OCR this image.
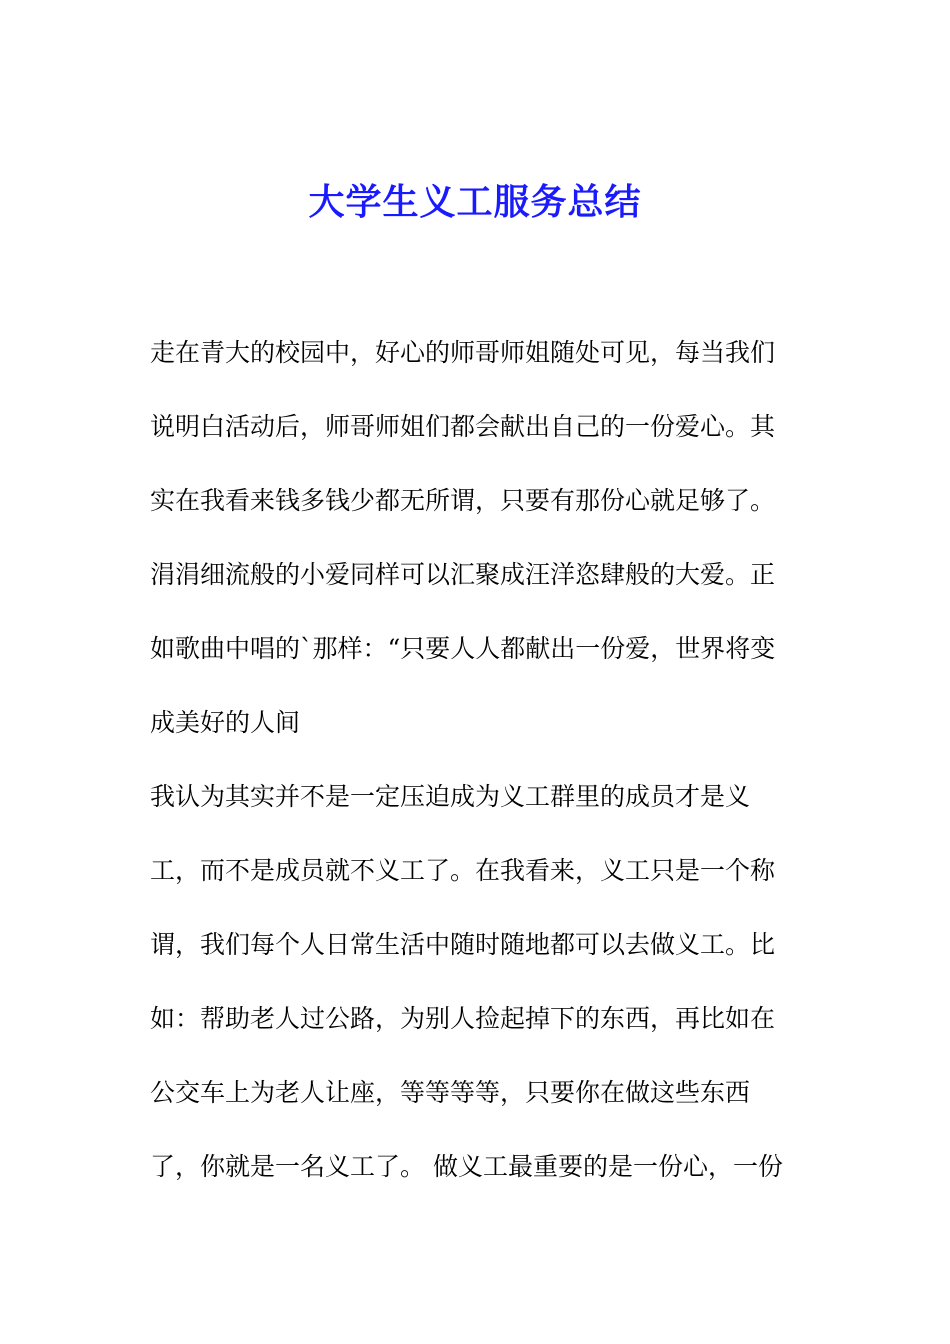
大学生义工服务总结

走在青大的校园中，好心的师哥师姐随处可见，每当我们

说明白活动后，师哥师姐们都会献出自己的一份爱心。其

实在我看来钱多钱少都无所谓，只要有那份心就足够了。

涓涓细流般的小爱同样可以汇聚成汪洋恣肆般的大爱。正

如歌曲中唱的`那样：“只要人人都献出一份爱，世界将变

成美好的人间

我认为其实并不是一定压迫成为义工群里的成员才是义

工，而不是成员就不义工了。在我看来，义工只是一个称

谓，我们每个人日常生活中随时随地都可以去做义工。比

如：帮助老人过公路，为别人捡起掉下的东西，再比如在

公交车上为老人让座，等等等等，只要你在做这些东西

了，你就是一名义工了。 做义工最重要的是一份心，一份
